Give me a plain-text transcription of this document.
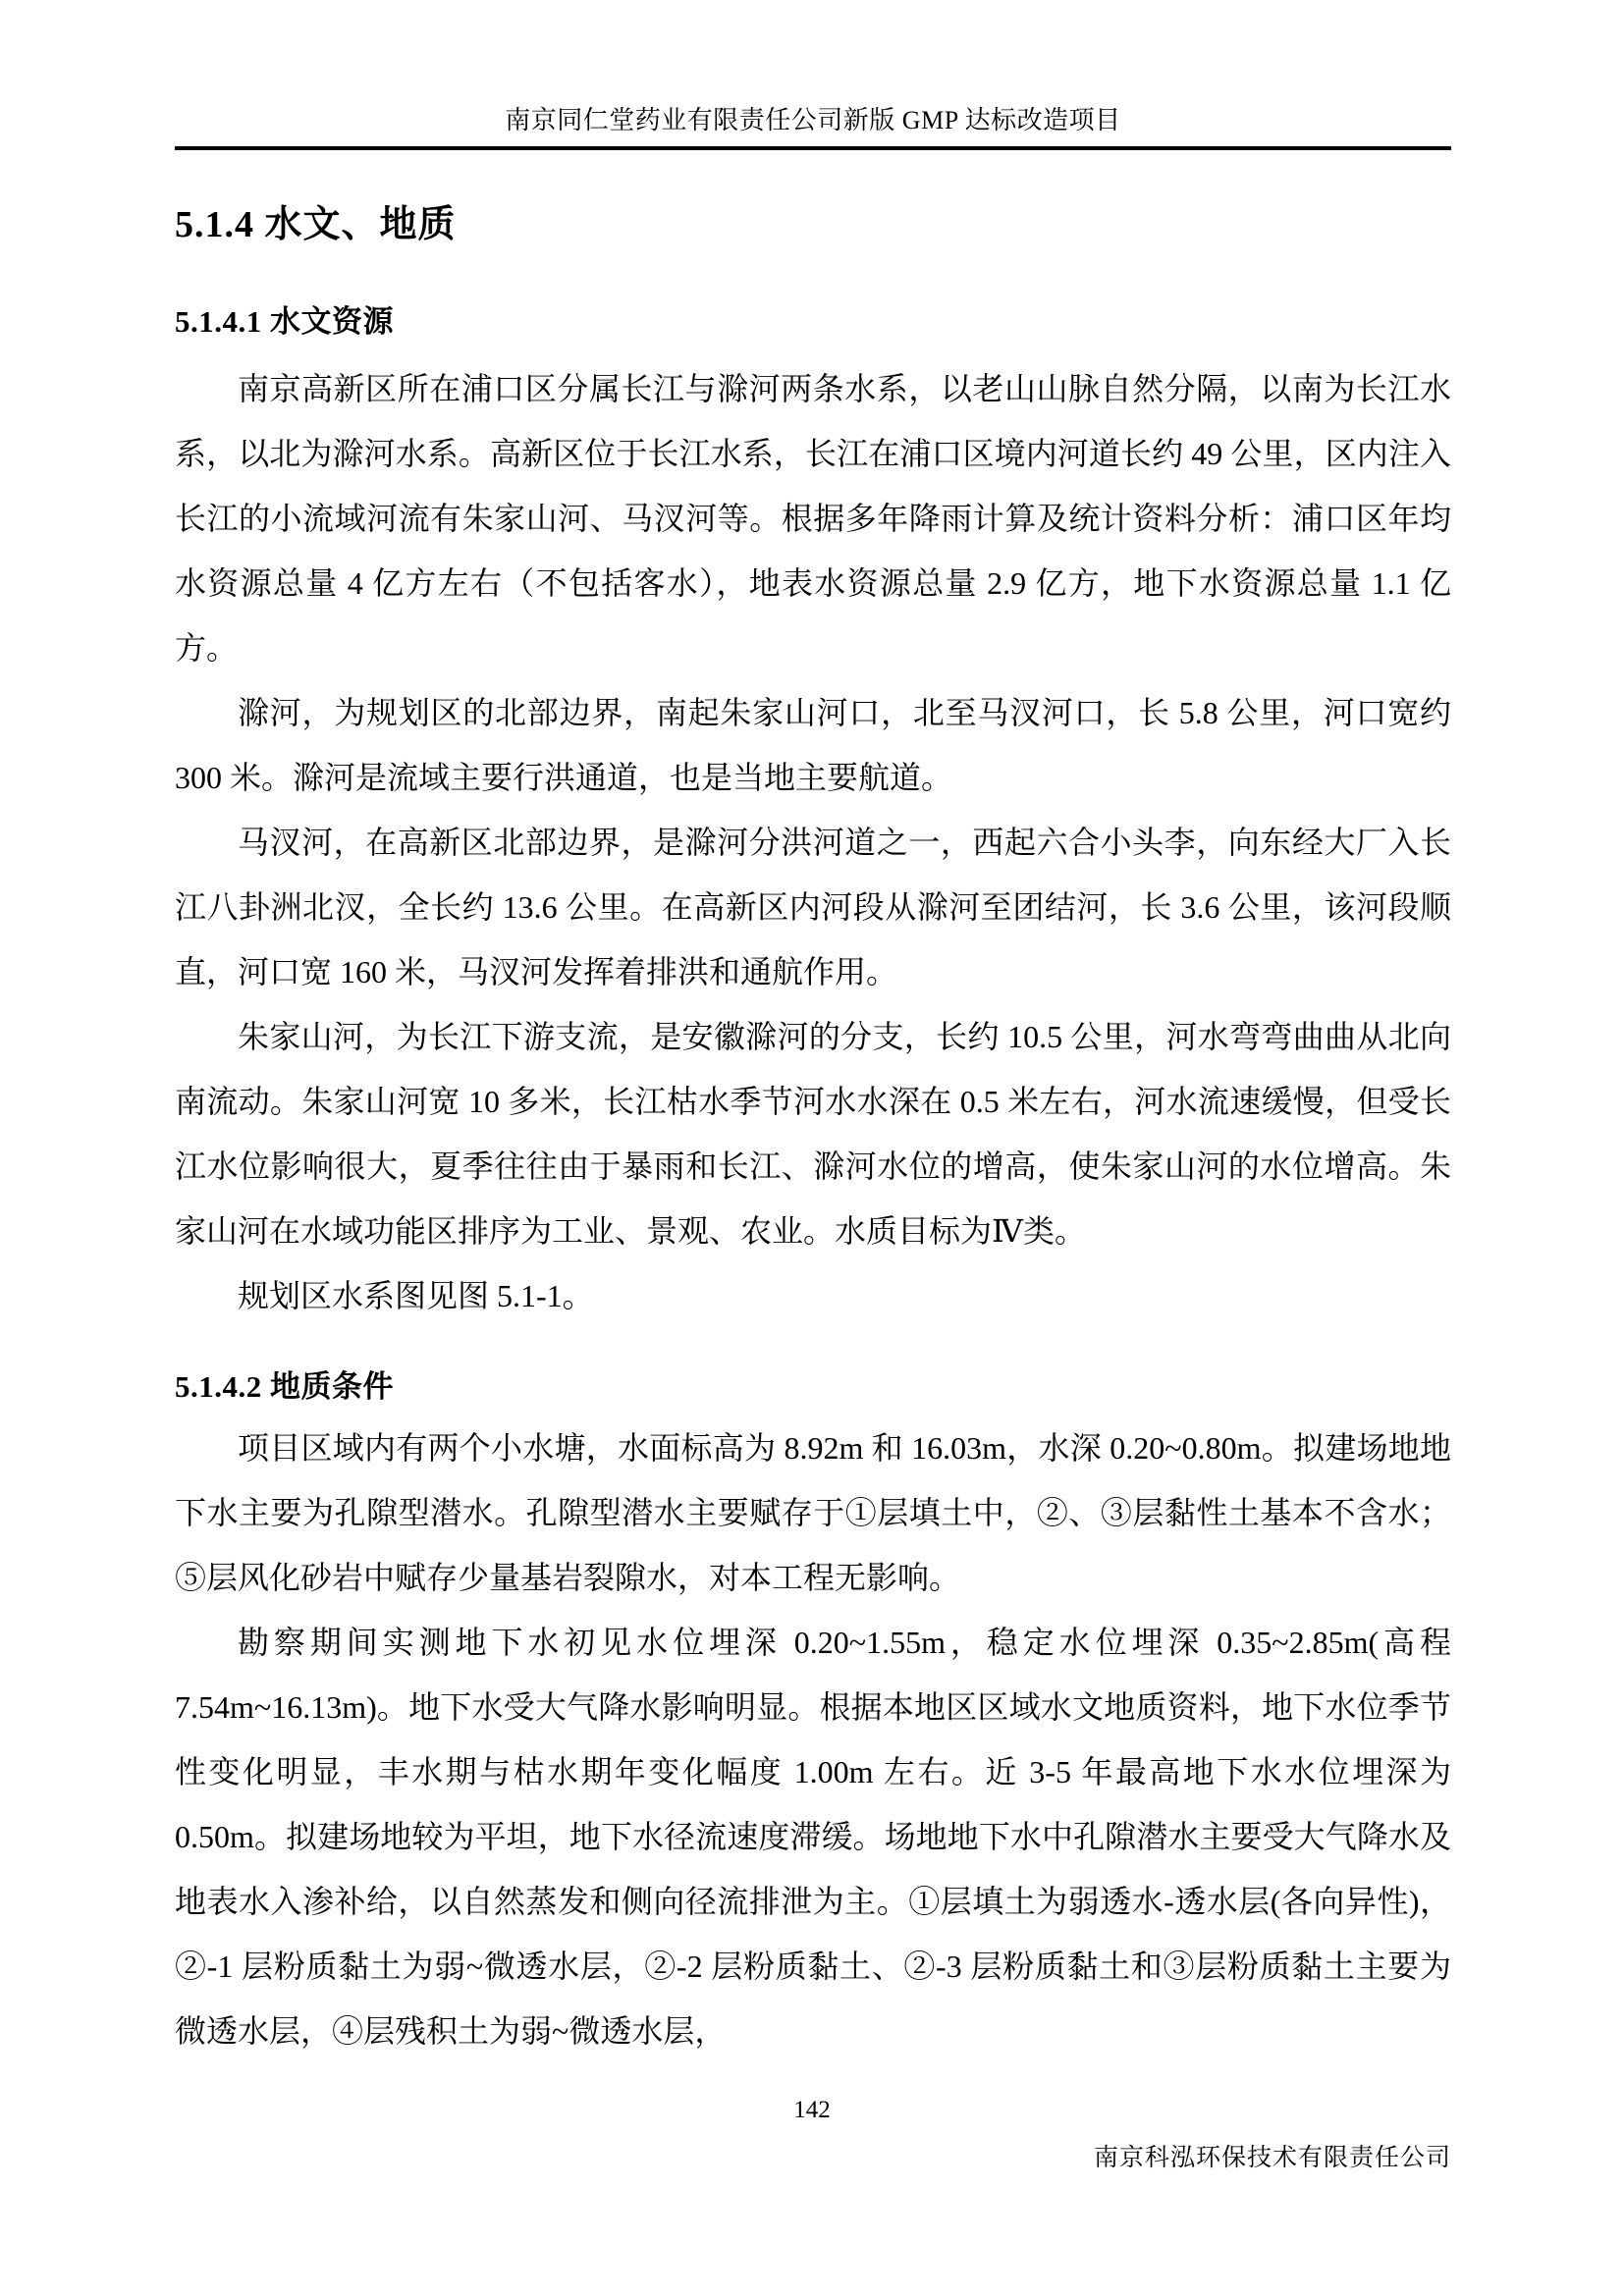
南京同仁堂药业有限责任公司新版 GMP 达标改造项目
5.1.4 水文、地质
5.1.4.1 水文资源

南京高新区所在浦口区分属长江与滁河两条水系，以老山山脉自然分隔，以南为长江水系，以北为滁河水系。高新区位于长江水系，长江在浦口区境内河道长约 49 公里，区内注入长江的小流域河流有朱家山河、马汊河等。根据多年降雨计算及统计资料分析：浦口区年均水资源总量 4 亿方左右（不包括客水），地表水资源总量 2.9 亿方，地下水资源总量 1.1 亿方。

滁河，为规划区的北部边界，南起朱家山河口，北至马汊河口，长 5.8 公里，河口宽约 300 米。滁河是流域主要行洪通道，也是当地主要航道。

马汊河，在高新区北部边界，是滁河分洪河道之一，西起六合小头李，向东经大厂入长江八卦洲北汊，全长约 13.6 公里。在高新区内河段从滁河至团结河，长 3.6 公里，该河段顺直，河口宽 160 米，马汊河发挥着排洪和通航作用。

朱家山河，为长江下游支流，是安徽滁河的分支，长约 10.5 公里，河水弯弯曲曲从北向南流动。朱家山河宽 10 多米，长江枯水季节河水水深在 0.5 米左右，河水流速缓慢，但受长江水位影响很大，夏季往往由于暴雨和长江、滁河水位的增高，使朱家山河的水位增高。朱家山河在水域功能区排序为工业、景观、农业。水质目标为Ⅳ类。

规划区水系图见图 5.1-1。

5.1.4.2 地质条件

项目区域内有两个小水塘，水面标高为 8.92m 和 16.03m，水深 0.20~0.80m。拟建场地地下水主要为孔隙型潜水。孔隙型潜水主要赋存于①层填土中，②、③层黏性土基本不含水；⑤层风化砂岩中赋存少量基岩裂隙水，对本工程无影响。

勘察期间实测地下水初见水位埋深 0.20~1.55m，稳定水位埋深 0.35~2.85m(高程 7.54m~16.13m)。地下水受大气降水影响明显。根据本地区区域水文地质资料，地下水位季节性变化明显，丰水期与枯水期年变化幅度 1.00m 左右。近 3-5 年最高地下水水位埋深为 0.50m。拟建场地较为平坦，地下水径流速度滞缓。场地地下水中孔隙潜水主要受大气降水及地表水入渗补给，以自然蒸发和侧向径流排泄为主。①层填土为弱透水-透水层(各向异性)，②-1 层粉质黏土为弱~微透水层，②-2 层粉质黏土、②-3 层粉质黏土和③层粉质黏土主要为微透水层，④层残积土为弱~微透水层，

142
南京科泓环保技术有限责任公司
